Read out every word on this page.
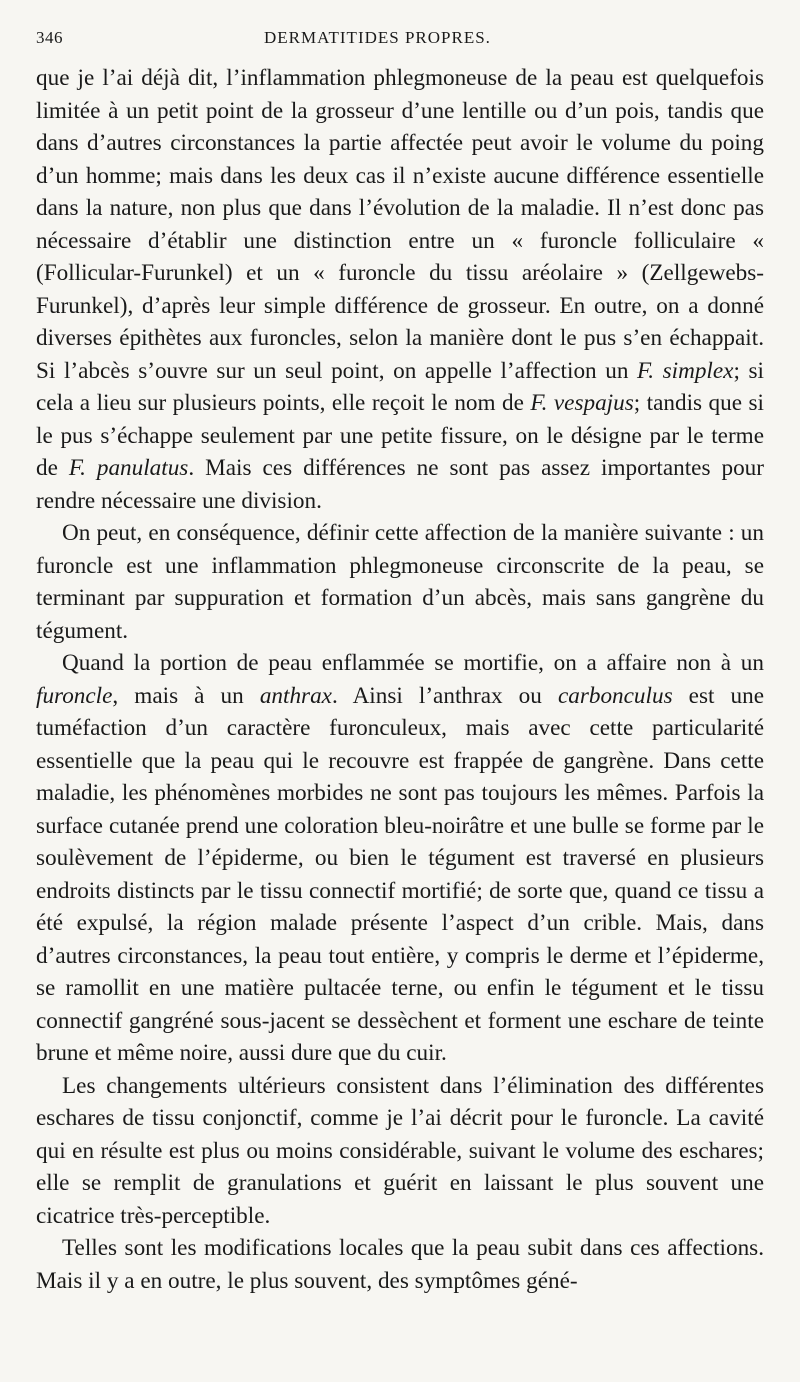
346	DERMATITIDES PROPRES.

que je l’ai déjà dit, l’inflammation phlegmoneuse de la peau est quelquefois limitée à un petit point de la grosseur d’une lentille ou d’un pois, tandis que dans d’autres circonstances la partie affectée peut avoir le volume du poing d’un homme; mais dans les deux cas il n’existe aucune différence essentielle dans la nature, non plus que dans l’évolution de la maladie. Il n’est donc pas nécessaire d’établir une distinction entre un « furoncle folliculaire « (Follicular-Furunkel) et un « furoncle du tissu aréolaire » (Zellgewebs-Furunkel), d’après leur simple différence de grosseur. En outre, on a donné diverses épithètes aux furoncles, selon la manière dont le pus s’en échappait. Si l’abcès s’ouvre sur un seul point, on appelle l’affection un F. simplex; si cela a lieu sur plusieurs points, elle reçoit le nom de F. vespajus; tandis que si le pus s’échappe seulement par une petite fissure, on le désigne par le terme de F. panulatus. Mais ces différences ne sont pas assez importantes pour rendre nécessaire une division.

On peut, en conséquence, définir cette affection de la manière suivante : un furoncle est une inflammation phlegmoneuse circonscrite de la peau, se terminant par suppuration et formation d’un abcès, mais sans gangrène du tégument.

Quand la portion de peau enflammée se mortifie, on a affaire non à un furoncle, mais à un anthrax. Ainsi l’anthrax ou carbonculus est une tuméfaction d’un caractère furonculeux, mais avec cette particularité essentielle que la peau qui le recouvre est frappée de gangrène. Dans cette maladie, les phénomènes morbides ne sont pas toujours les mêmes. Parfois la surface cutanée prend une coloration bleu-noirâtre et une bulle se forme par le soulèvement de l’épiderme, ou bien le tégument est traversé en plusieurs endroits distincts par le tissu connectif mortifié; de sorte que, quand ce tissu a été expulsé, la région malade présente l’aspect d’un crible. Mais, dans d’autres circonstances, la peau tout entière, y compris le derme et l’épiderme, se ramollit en une matière pultacée terne, ou enfin le tégument et le tissu connectif gangréné sous-jacent se dessèchent et forment une eschare de teinte brune et même noire, aussi dure que du cuir.

Les changements ultérieurs consistent dans l’élimination des différentes eschares de tissu conjonctif, comme je l’ai décrit pour le furoncle. La cavité qui en résulte est plus ou moins considérable, suivant le volume des eschares; elle se remplit de granulations et guérit en laissant le plus souvent une cicatrice très-perceptible.

Telles sont les modifications locales que la peau subit dans ces affections. Mais il y a en outre, le plus souvent, des symptômes géné-
